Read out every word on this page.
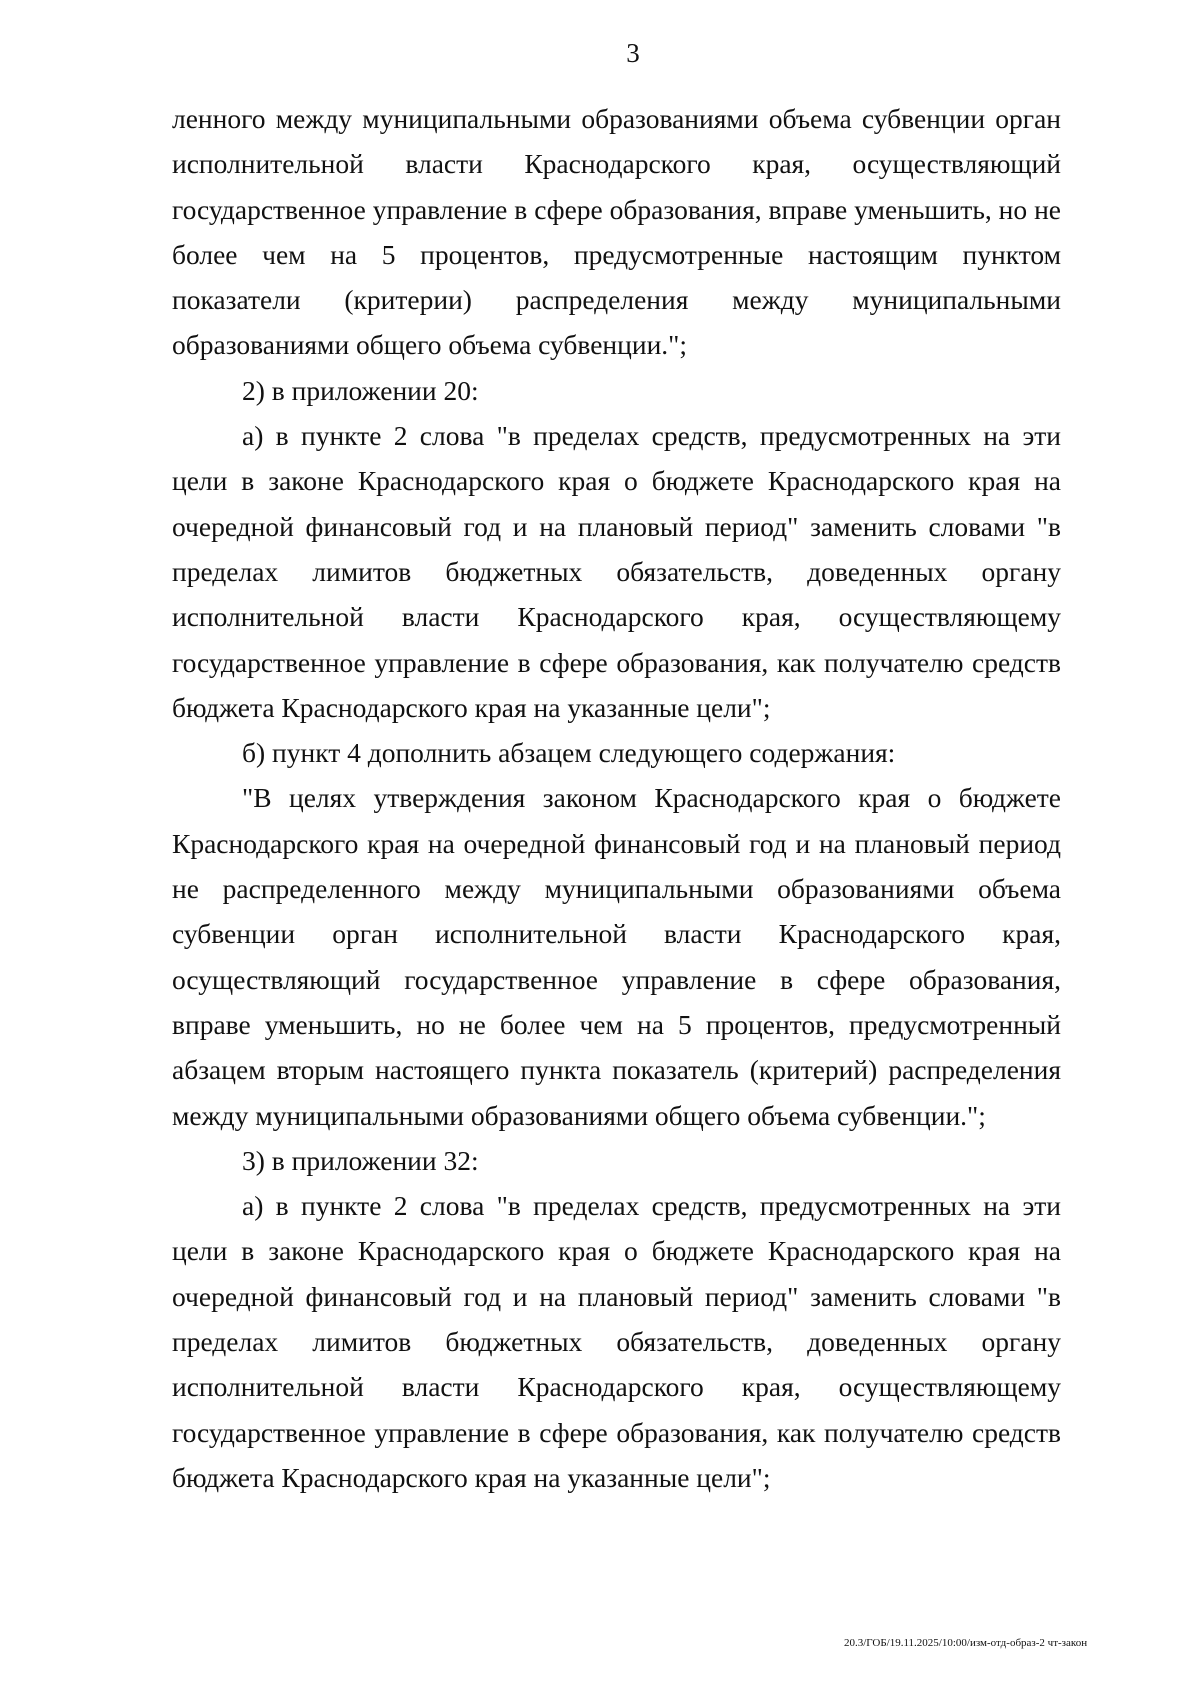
3

ленного между муниципальными образованиями объема субвенции орган исполнительной власти Краснодарского края, осуществляющий государственное управление в сфере образования, вправе уменьшить, но не более чем на 5 процентов, предусмотренные настоящим пунктом показатели (критерии) распределения между муниципальными образованиями общего объема субвенции.";

2) в приложении 20:

а) в пункте 2 слова "в пределах средств, предусмотренных на эти цели в законе Краснодарского края о бюджете Краснодарского края на очередной финансовый год и на плановый период" заменить словами "в пределах лимитов бюджетных обязательств, доведенных органу исполнительной власти Краснодарского края, осуществляющему государственное управление в сфере образования, как получателю средств бюджета Краснодарского края на указанные цели";

б) пункт 4 дополнить абзацем следующего содержания:

"В целях утверждения законом Краснодарского края о бюджете Краснодарского края на очередной финансовый год и на плановый период не распределенного между муниципальными образованиями объема субвенции орган исполнительной власти Краснодарского края, осуществляющий государственное управление в сфере образования, вправе уменьшить, но не более чем на 5 процентов, предусмотренный абзацем вторым настоящего пункта показатель (критерий) распределения между муниципальными образованиями общего объема субвенции.";

3) в приложении 32:

а) в пункте 2 слова "в пределах средств, предусмотренных на эти цели в законе Краснодарского края о бюджете Краснодарского края на очередной финансовый год и на плановый период" заменить словами "в пределах лимитов бюджетных обязательств, доведенных органу исполнительной власти Краснодарского края, осуществляющему государственное управление в сфере образования, как получателю средств бюджета Краснодарского края на указанные цели";

20.3/ГОБ/19.11.2025/10:00/изм-отд-образ-2 чт-закон
